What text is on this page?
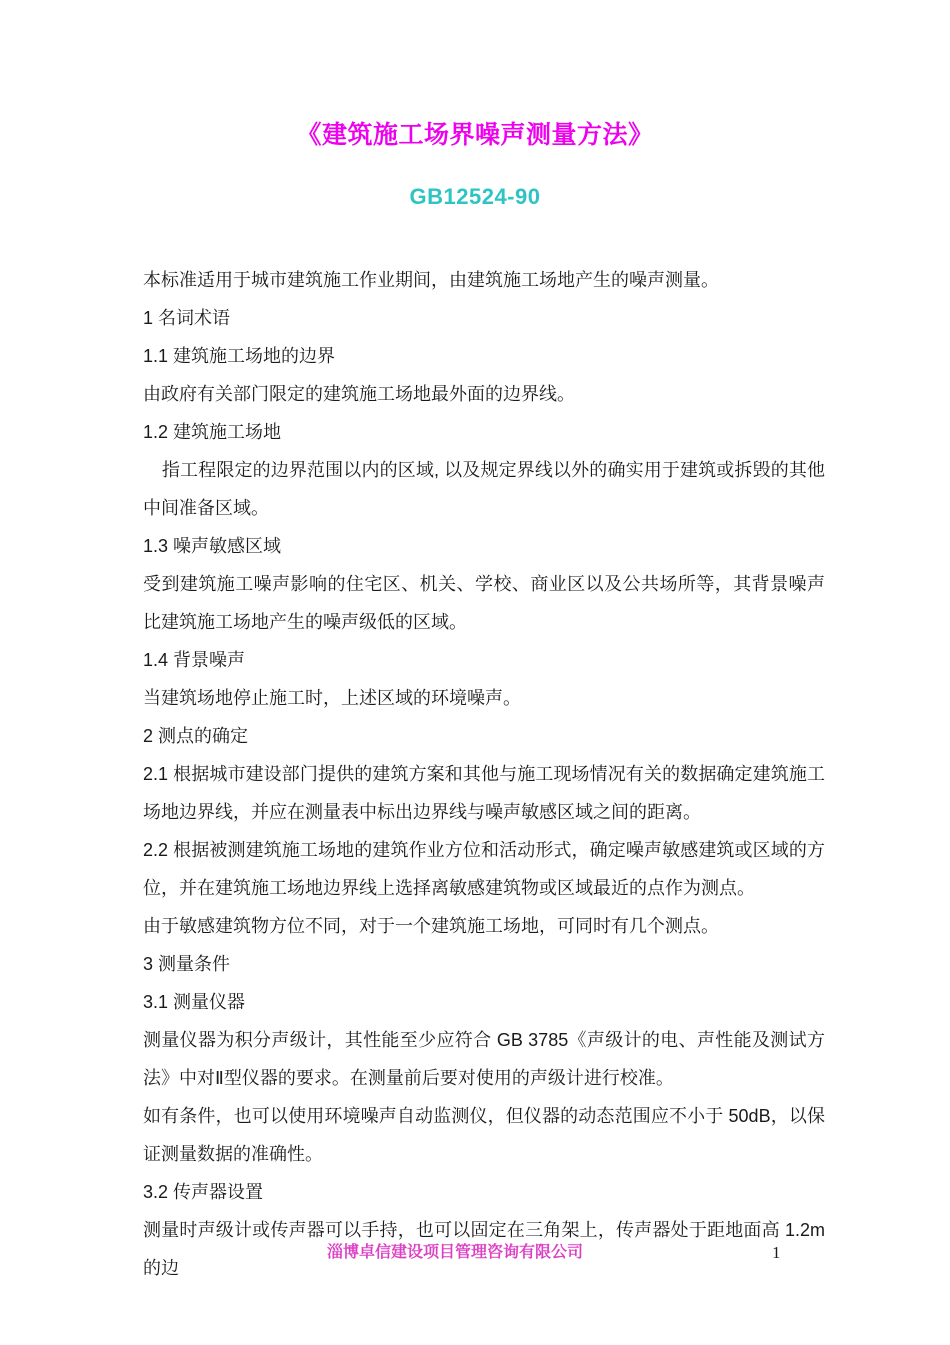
《建筑施工场界噪声测量方法》
GB12524-90

本标准适用于城市建筑施工作业期间，由建筑施工场地产生的噪声测量。

1 名词术语

1.1 建筑施工场地的边界

由政府有关部门限定的建筑施工场地最外面的边界线。

1.2 建筑施工场地

指工程限定的边界范围以内的区域, 以及规定界线以外的确实用于建筑或拆毁的其他中间准备区域。

1.3 噪声敏感区域

受到建筑施工噪声影响的住宅区、机关、学校、商业区以及公共场所等，其背景噪声比建筑施工场地产生的噪声级低的区域。

1.4 背景噪声

当建筑场地停止施工时，上述区域的环境噪声。

2 测点的确定

2.1 根据城市建设部门提供的建筑方案和其他与施工现场情况有关的数据确定建筑施工场地边界线，并应在测量表中标出边界线与噪声敏感区域之间的距离。

2.2 根据被测建筑施工场地的建筑作业方位和活动形式，确定噪声敏感建筑或区域的方位，并在建筑施工场地边界线上选择离敏感建筑物或区域最近的点作为测点。

由于敏感建筑物方位不同，对于一个建筑施工场地，可同时有几个测点。

3 测量条件

3.1 测量仪器

测量仪器为积分声级计，其性能至少应符合 GB 3785《声级计的电、声性能及测试方法》中对Ⅱ型仪器的要求。在测量前后要对使用的声级计进行校准。

如有条件，也可以使用环境噪声自动监测仪，但仪器的动态范围应不小于 50dB，以保证测量数据的准确性。

3.2 传声器设置

测量时声级计或传声器可以手持，也可以固定在三角架上，传声器处于距地面高 1.2m 的边

淄博卓信建设项目管理咨询有限公司	1
